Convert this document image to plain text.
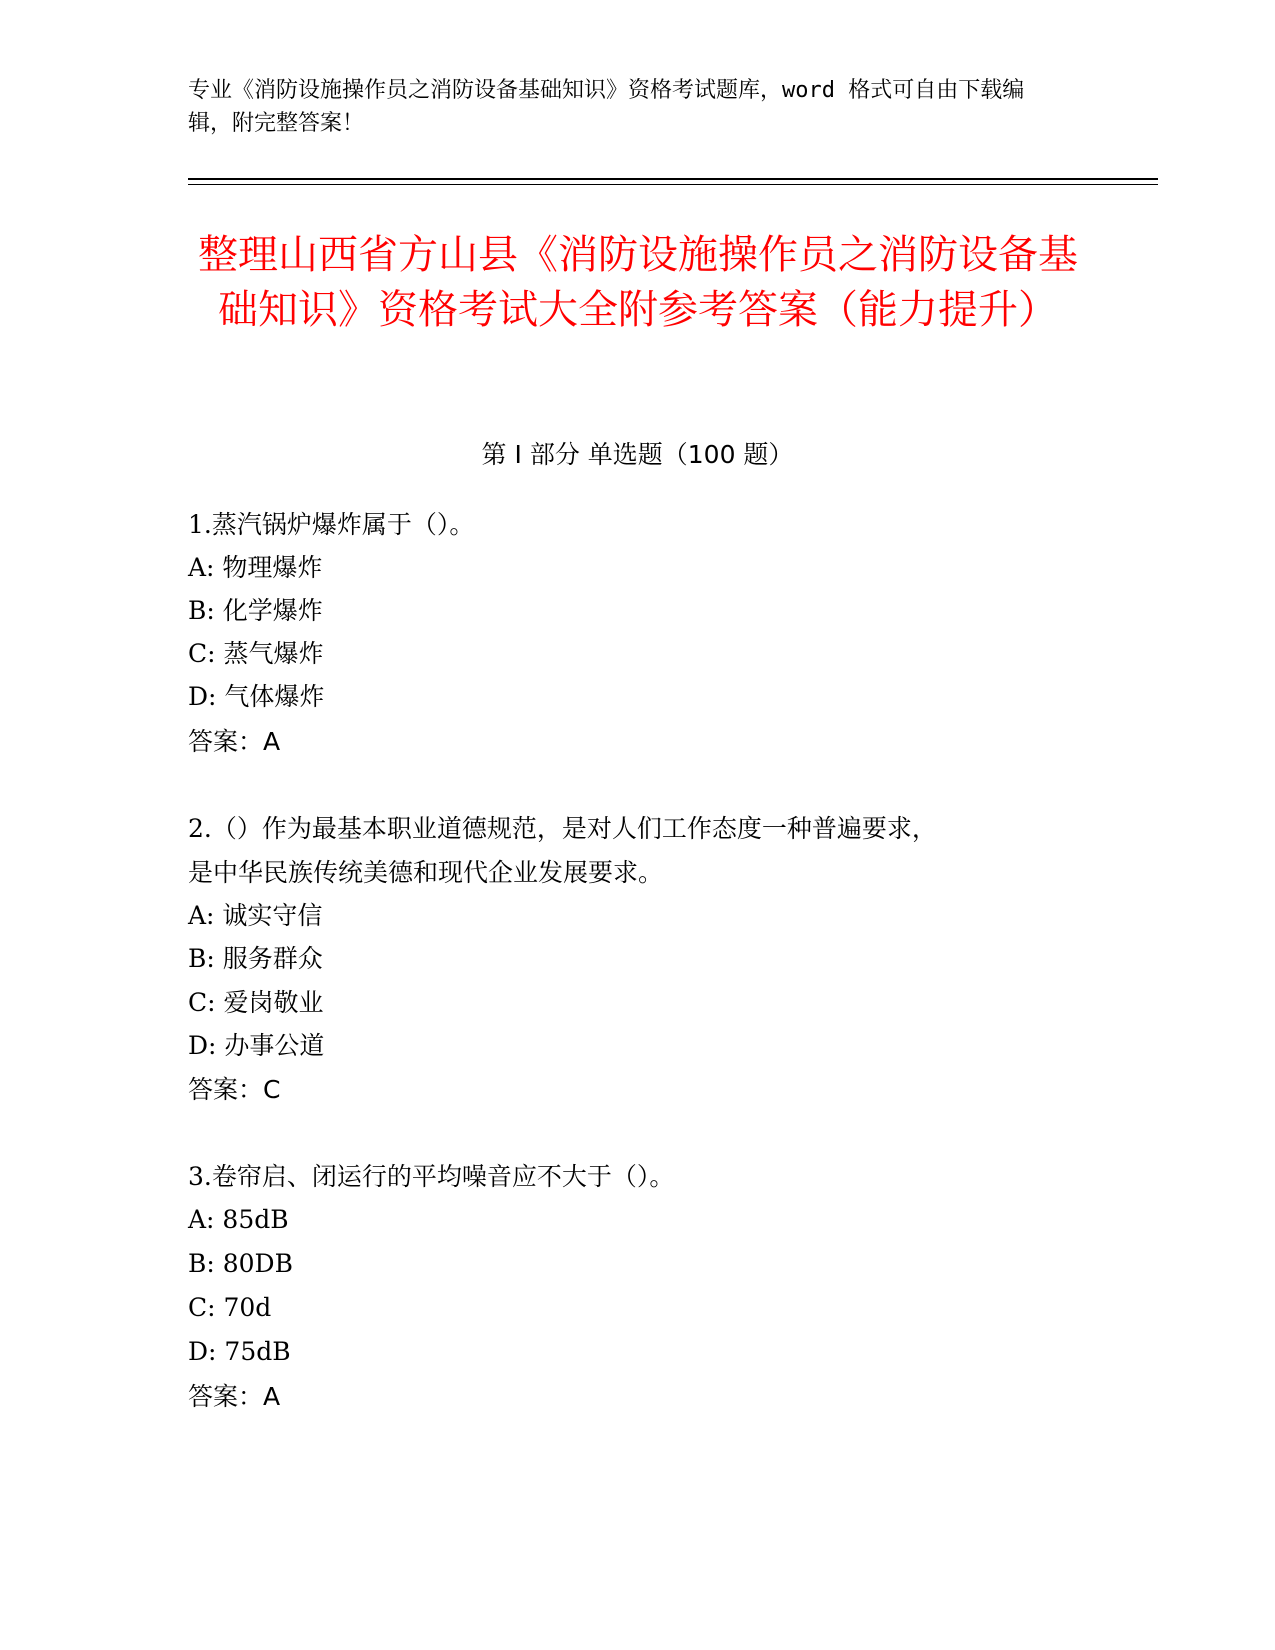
专业《消防设施操作员之消防设备基础知识》资格考试题库，word 格式可自由下载编辑，附完整答案！
整理山西省方山县《消防设施操作员之消防设备基础知识》资格考试大全附参考答案（能力提升）
第 I 部分 单选题（100 题）
1.蒸汽锅炉爆炸属于（）。
A: 物理爆炸
B: 化学爆炸
C: 蒸气爆炸
D: 气体爆炸
答案：A
2.（）作为最基本职业道德规范，是对人们工作态度一种普遍要求，
是中华民族传统美德和现代企业发展要求。
A: 诚实守信
B: 服务群众
C: 爱岗敬业
D: 办事公道
答案：C
3.卷帘启、闭运行的平均噪音应不大于（）。
A: 85dB
B: 80DB
C: 70d
D: 75dB
答案：A
